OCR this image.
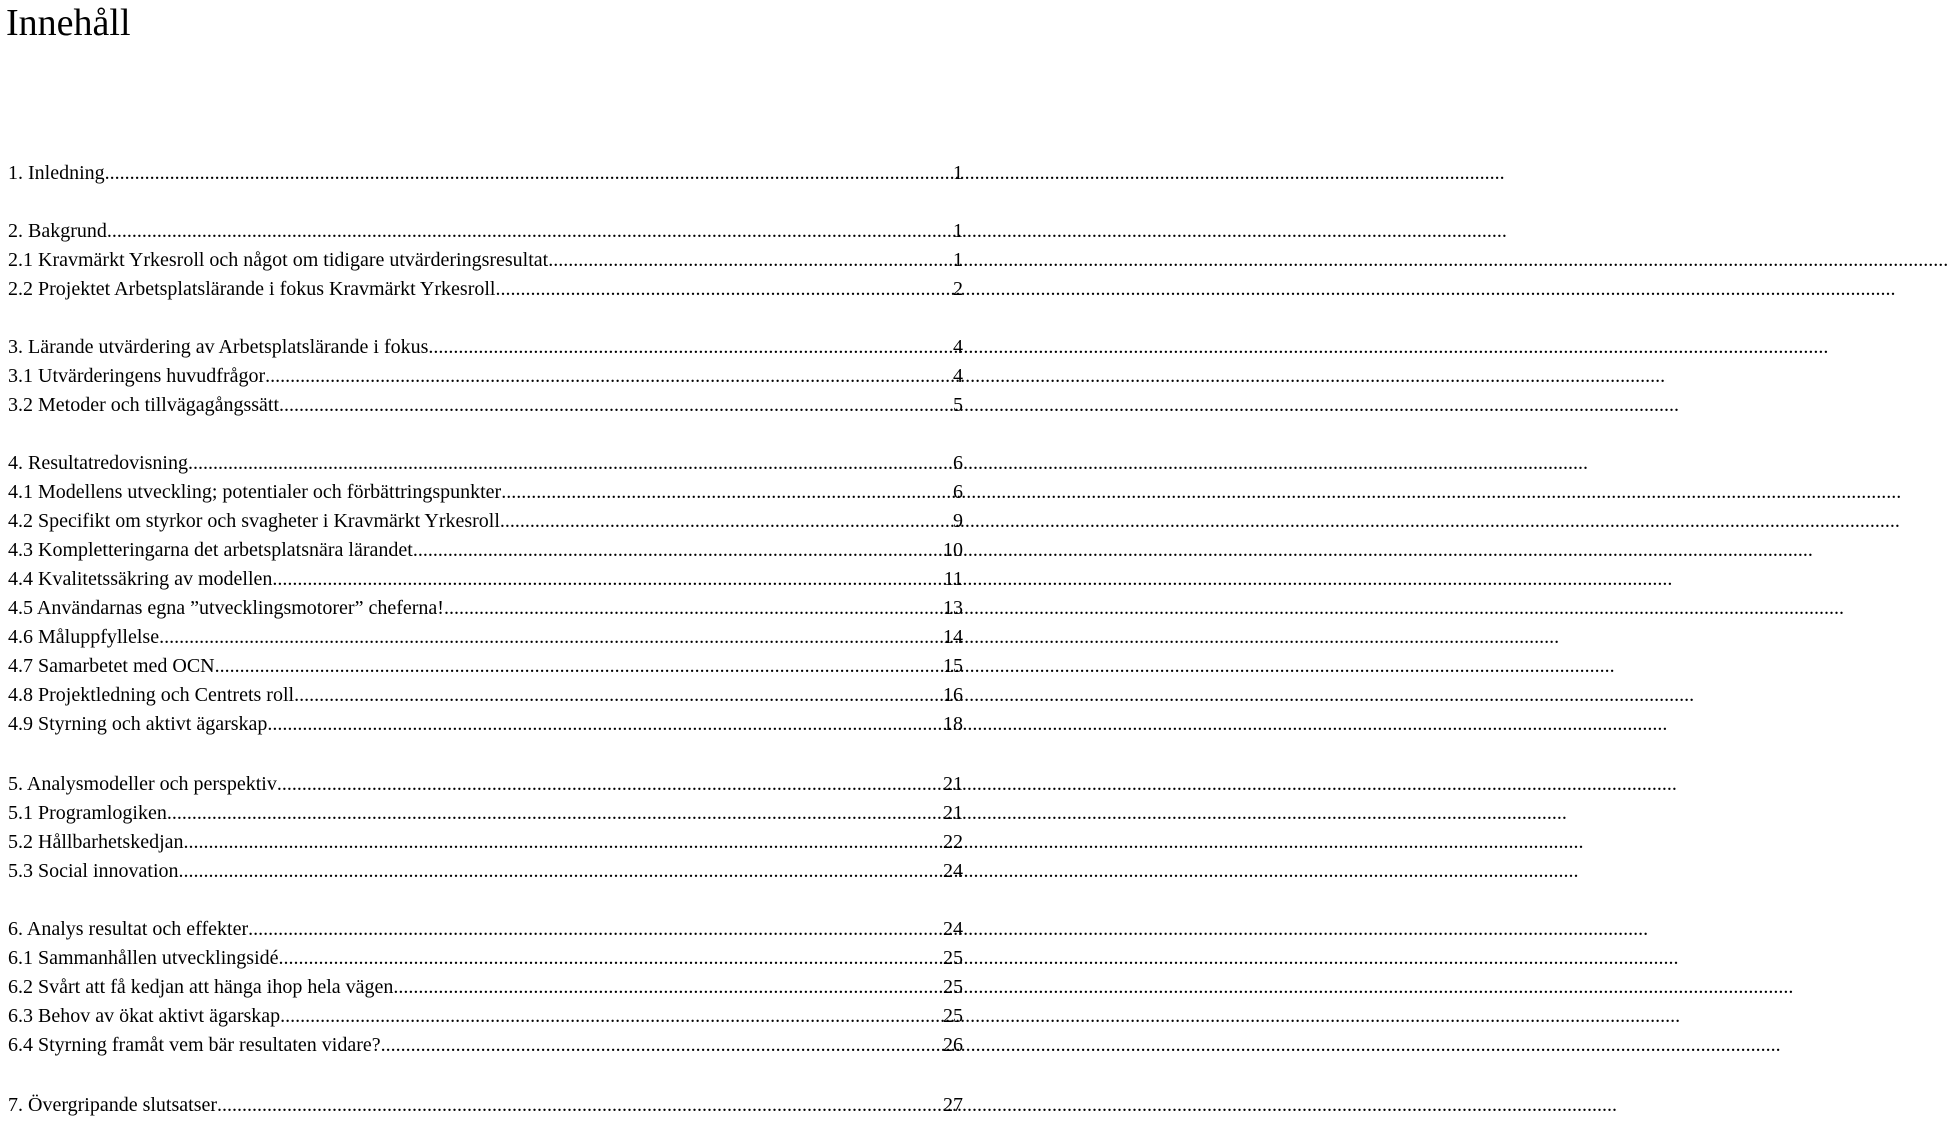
Innehåll
1. Inledning .....	1
2. Bakgrund .....	1
2.1 Kravmärkt Yrkesroll och något om tidigare utvärderingsresultat .....	1
2.2 Projektet Arbetsplatslärande i fokus Kravmärkt Yrkesroll .....	2
3. Lärande utvärdering av Arbetsplatslärande i fokus .....	4
3.1 Utvärderingens huvudfrågor .....	4
3.2 Metoder och tillvägagångssätt .....	5
4. Resultatredovisning .....	6
4.1 Modellens utveckling; potentialer och förbättringspunkter .....	6
4.2 Specifikt om styrkor och svagheter i Kravmärkt Yrkesroll .....	9
4.3 Kompletteringarna det arbetsplatsnära lärandet .....	10
4.4 Kvalitetssäkring av modellen .....	11
4.5 Användarnas egna ”utvecklingsmotorer” cheferna! .....	13
4.6 Måluppfyllelse .....	14
4.7 Samarbetet med OCN .....	15
4.8 Projektledning och Centrets roll .....	16
4.9 Styrning och aktivt ägarskap .....	18
5. Analysmodeller och perspektiv .....	21
5.1 Programlogiken .....	21
5.2 Hållbarhetskedjan .....	22
5.3 Social innovation .....	24
6. Analys resultat och effekter .....	24
6.1 Sammanhållen utvecklingsidé .....	25
6.2 Svårt att få kedjan att hänga ihop hela vägen .....	25
6.3 Behov av ökat aktivt ägarskap .....	25
6.4 Styrning framåt vem bär resultaten vidare? .....	26
7. Övergripande slutsatser .....	27
